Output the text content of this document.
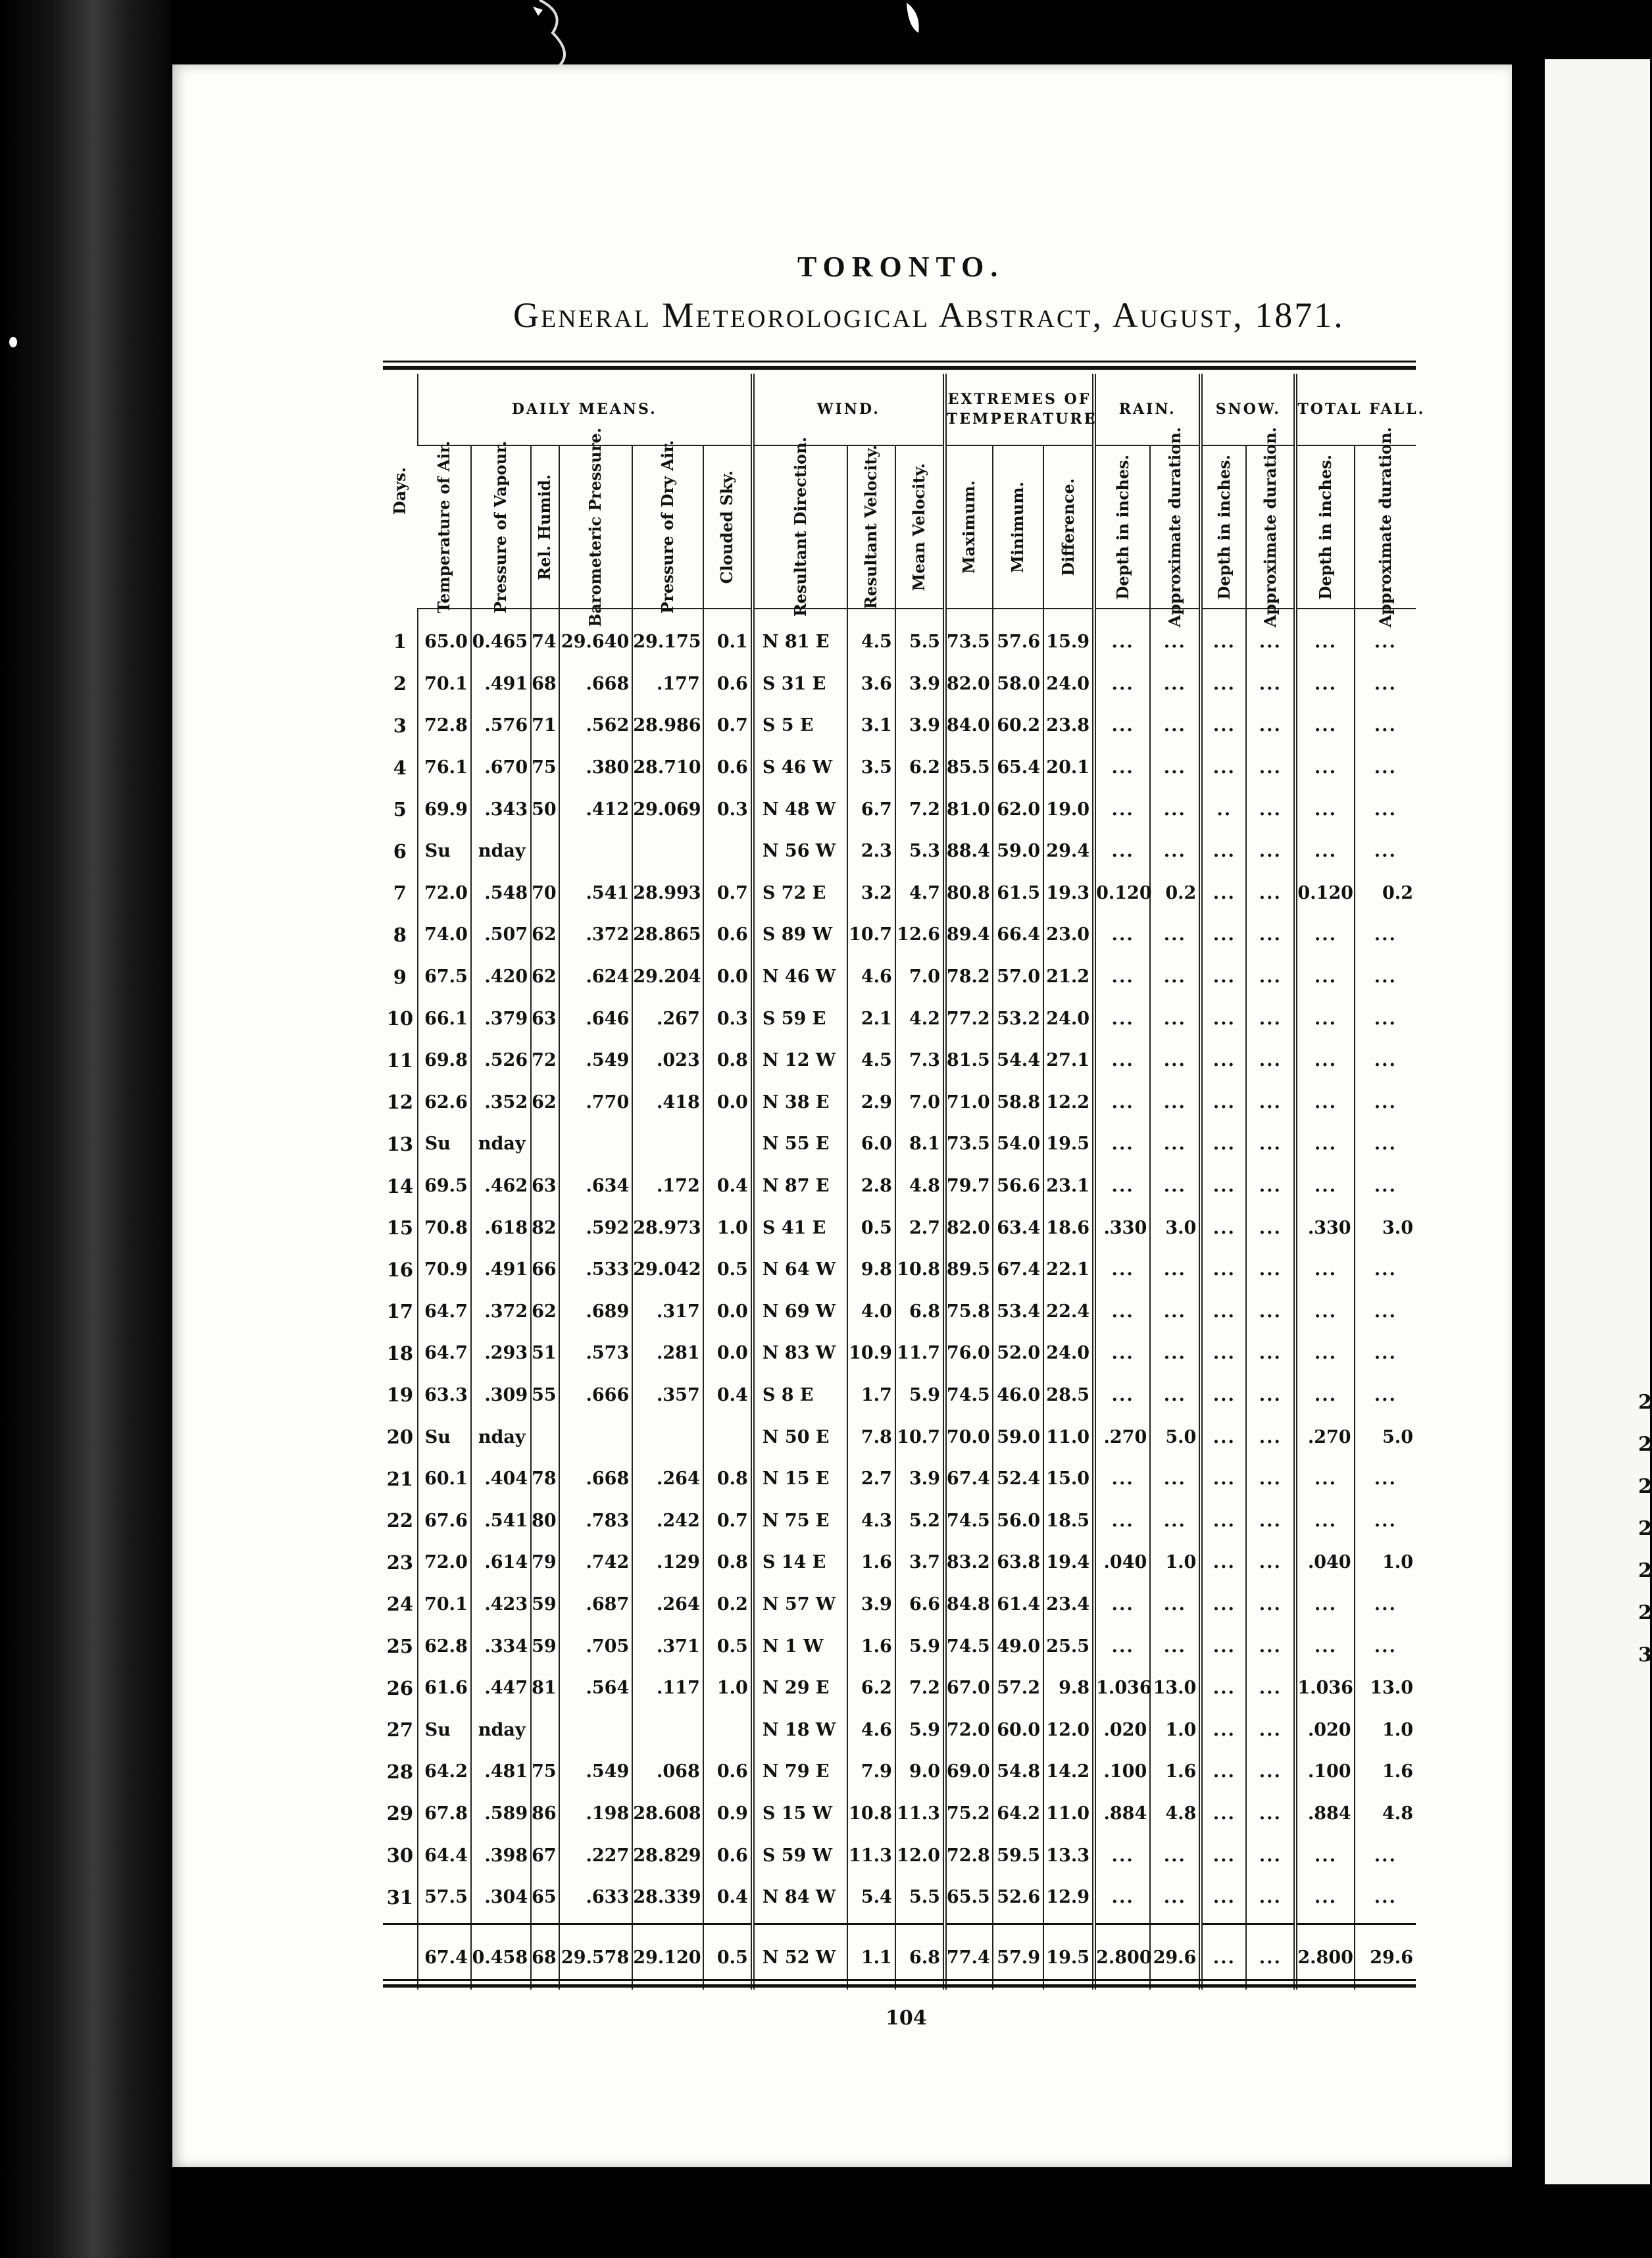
2
2
2
2
2
2
3
TORONTO.
General Meteorological Abstract, August, 1871.
Days.	DAILY MEANS.						WIND.			EXTREMES OF
TEMPERATURE			RAIN.		SNOW.		TOTAL FALL.	

	Temperature of Air.	Pressure of Vapour.	Rel. Humid.	Barometeric Pressure.	Pressure of Dry Air.	Clouded Sky.	Resultant Direction.	Resultant Velocity.	Mean Velocity.	Maximum.	Minimum.	Difference.	Depth in inches.	Approximate duration.	Depth in inches.	Approximate duration.	Depth in inches.	Approximate duration.

1	65.0	0.465	74	29.640	29.175	0.1	N 81 E	4.5	5.5	73.5	57.6	15.9	...	...	...	...	...	...
2	70.1	.491	68	.668	.177	0.6	S 31 E	3.6	3.9	82.0	58.0	24.0	...	...	...	...	...	...
3	72.8	.576	71	.562	28.986	0.7	S 5 E	3.1	3.9	84.0	60.2	23.8	...	...	...	...	...	...
4	76.1	.670	75	.380	28.710	0.6	S 46 W	3.5	6.2	85.5	65.4	20.1	...	...	...	...	...	...
5	69.9	.343	50	.412	29.069	0.3	N 48 W	6.7	7.2	81.0	62.0	19.0	...	...	..	...	...	...
6	Su	nday					N 56 W	2.3	5.3	88.4	59.0	29.4	...	...	...	...	...	...
7	72.0	.548	70	.541	28.993	0.7	S 72 E	3.2	4.7	80.8	61.5	19.3	0.120	0.2	...	...	0.120	0.2
8	74.0	.507	62	.372	28.865	0.6	S 89 W	10.7	12.6	89.4	66.4	23.0	...	...	...	...	...	...
9	67.5	.420	62	.624	29.204	0.0	N 46 W	4.6	7.0	78.2	57.0	21.2	...	...	...	...	...	...
10	66.1	.379	63	.646	.267	0.3	S 59 E	2.1	4.2	77.2	53.2	24.0	...	...	...	...	...	...
11	69.8	.526	72	.549	.023	0.8	N 12 W	4.5	7.3	81.5	54.4	27.1	...	...	...	...	...	...
12	62.6	.352	62	.770	.418	0.0	N 38 E	2.9	7.0	71.0	58.8	12.2	...	...	...	...	...	...
13	Su	nday					N 55 E	6.0	8.1	73.5	54.0	19.5	...	...	...	...	...	...
14	69.5	.462	63	.634	.172	0.4	N 87 E	2.8	4.8	79.7	56.6	23.1	...	...	...	...	...	...
15	70.8	.618	82	.592	28.973	1.0	S 41 E	0.5	2.7	82.0	63.4	18.6	.330	3.0	...	...	.330	3.0
16	70.9	.491	66	.533	29.042	0.5	N 64 W	9.8	10.8	89.5	67.4	22.1	...	...	...	...	...	...
17	64.7	.372	62	.689	.317	0.0	N 69 W	4.0	6.8	75.8	53.4	22.4	...	...	...	...	...	...
18	64.7	.293	51	.573	.281	0.0	N 83 W	10.9	11.7	76.0	52.0	24.0	...	...	...	...	...	...
19	63.3	.309	55	.666	.357	0.4	S 8 E	1.7	5.9	74.5	46.0	28.5	...	...	...	...	...	...
20	Su	nday					N 50 E	7.8	10.7	70.0	59.0	11.0	.270	5.0	...	...	.270	5.0
21	60.1	.404	78	.668	.264	0.8	N 15 E	2.7	3.9	67.4	52.4	15.0	...	...	...	...	...	...
22	67.6	.541	80	.783	.242	0.7	N 75 E	4.3	5.2	74.5	56.0	18.5	...	...	...	...	...	...
23	72.0	.614	79	.742	.129	0.8	S 14 E	1.6	3.7	83.2	63.8	19.4	.040	1.0	...	...	.040	1.0
24	70.1	.423	59	.687	.264	0.2	N 57 W	3.9	6.6	84.8	61.4	23.4	...	...	...	...	...	...
25	62.8	.334	59	.705	.371	0.5	N 1 W	1.6	5.9	74.5	49.0	25.5	...	...	...	...	...	...
26	61.6	.447	81	.564	.117	1.0	N 29 E	6.2	7.2	67.0	57.2	9.8	1.036	13.0	...	...	1.036	13.0
27	Su	nday					N 18 W	4.6	5.9	72.0	60.0	12.0	.020	1.0	...	...	.020	1.0
28	64.2	.481	75	.549	.068	0.6	N 79 E	7.9	9.0	69.0	54.8	14.2	.100	1.6	...	...	.100	1.6
29	67.8	.589	86	.198	28.608	0.9	S 15 W	10.8	11.3	75.2	64.2	11.0	.884	4.8	...	...	.884	4.8
30	64.4	.398	67	.227	28.829	0.6	S 59 W	11.3	12.0	72.8	59.5	13.3	...	...	...	...	...	...
31	57.5	.304	65	.633	28.339	0.4	N 84 W	5.4	5.5	65.5	52.6	12.9	...	...	...	...	...	...

	67.4	0.458	68	29.578	29.120	0.5	N 52 W	1.1	6.8	77.4	57.9	19.5	2.800	29.6	...	...	2.800	29.6
104
